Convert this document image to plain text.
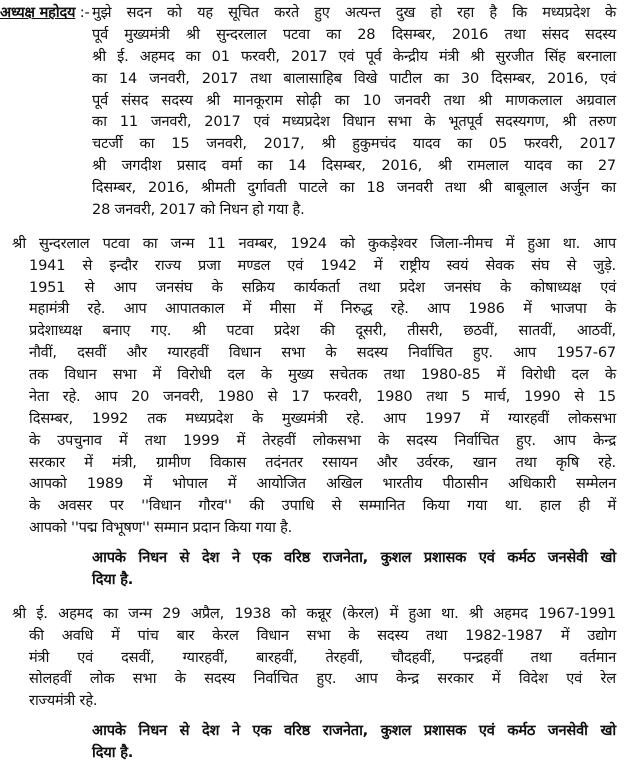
अध्यक्ष महोदय :- मुझे सदन को यह सूचित करते हुए अत्यन्त दुख हो रहा है कि मध्यप्रदेश के
पूर्व मुख्यमंत्री श्री सुन्दरलाल पटवा का 28 दिसम्बर, 2016 तथा संसद सदस्य
श्री ई. अहमद का 01 फरवरी, 2017 एवं पूर्व केन्द्रीय मंत्री श्री सुरजीत सिंह बरनाला
का 14 जनवरी, 2017 तथा बालासाहिब विखे पाटील का 30 दिसम्बर, 2016, एवं
पूर्व संसद सदस्य श्री मानकूराम सोढ़ी का 10 जनवरी तथा श्री माणकलाल अग्रवाल
का 11 जनवरी, 2017 एवं मध्यप्रदेश विधान सभा के भूतपूर्व सदस्यगण, श्री तरुण
चटर्जी का 15 जनवरी, 2017, श्री हुकुमचंद यादव का 05 फरवरी, 2017
श्री जगदीश प्रसाद वर्मा का 14 दिसम्बर, 2016, श्री रामलाल यादव का 27
दिसम्बर, 2016, श्रीमती दुर्गावती पाटले का 18 जनवरी तथा श्री बाबूलाल अर्जुन का
28 जनवरी, 2017 को निधन हो गया है.
श्री सुन्दरलाल पटवा का जन्म 11 नवम्बर, 1924 को कुकड़ेश्वर जिला-नीमच में हुआ था. आप
1941 से इन्दौर राज्य प्रजा मण्डल एवं 1942 में राष्ट्रीय स्वयं सेवक संघ से जुड़े.
1951 से आप जनसंघ के सक्रिय कार्यकर्ता तथा प्रदेश जनसंघ के कोषाध्यक्ष एवं
महामंत्री रहे. आप आपातकाल में मीसा में निरुद्ध रहे. आप 1986 में भाजपा के
प्रदेशाध्यक्ष बनाए गए. श्री पटवा प्रदेश की दूसरी, तीसरी, छठवीं, सातवीं, आठवीं,
नौवीं, दसवीं और ग्यारहवीं विधान सभा के सदस्य निर्वाचित हुए. आप 1957-67
तक विधान सभा में विरोधी दल के मुख्य सचेतक तथा 1980-85 में विरोधी दल के
नेता रहे. आप 20 जनवरी, 1980 से 17 फरवरी, 1980 तथा 5 मार्च, 1990 से 15
दिसम्बर, 1992 तक मध्यप्रदेश के मुख्यमंत्री रहे. आप 1997 में ग्यारहवीं लोकसभा
के उपचुनाव में तथा 1999 में तेरहवीं लोकसभा के सदस्य निर्वाचित हुए. आप केन्द्र
सरकार में मंत्री, ग्रामीण विकास तदंनतर रसायन और उर्वरक, खान तथा कृषि रहे.
आपको 1989 में भोपाल में आयोजित अखिल भारतीय पीठासीन अधिकारी सम्मेलन
के अवसर पर ''विधान गौरव'' की उपाधि से सम्मानित किया गया था. हाल ही में
आपको ''पद्म विभूषण'' सम्मान प्रदान किया गया है.
आपके निधन से देश ने एक वरिष्ठ राजनेता, कुशल प्रशासक एवं कर्मठ जनसेवी खो
दिया है.
श्री ई. अहमद का जन्म 29 अप्रैल, 1938 को कन्नूर (केरल) में हुआ था. श्री अहमद 1967-1991
की अवधि में पांच बार केरल विधान सभा के सदस्य तथा 1982-1987 में उद्योग
मंत्री एवं दसवीं, ग्यारहवीं, बारहवीं, तेरहवीं, चौदहवीं, पन्द्रहवीं तथा वर्तमान
सोलहवीं लोक सभा के सदस्य निर्वाचित हुए. आप केन्द्र सरकार में विदेश एवं रेल
राज्यमंत्री रहे.
आपके निधन से देश ने एक वरिष्ठ राजनेता, कुशल प्रशासक एवं कर्मठ जनसेवी खो
दिया है.
